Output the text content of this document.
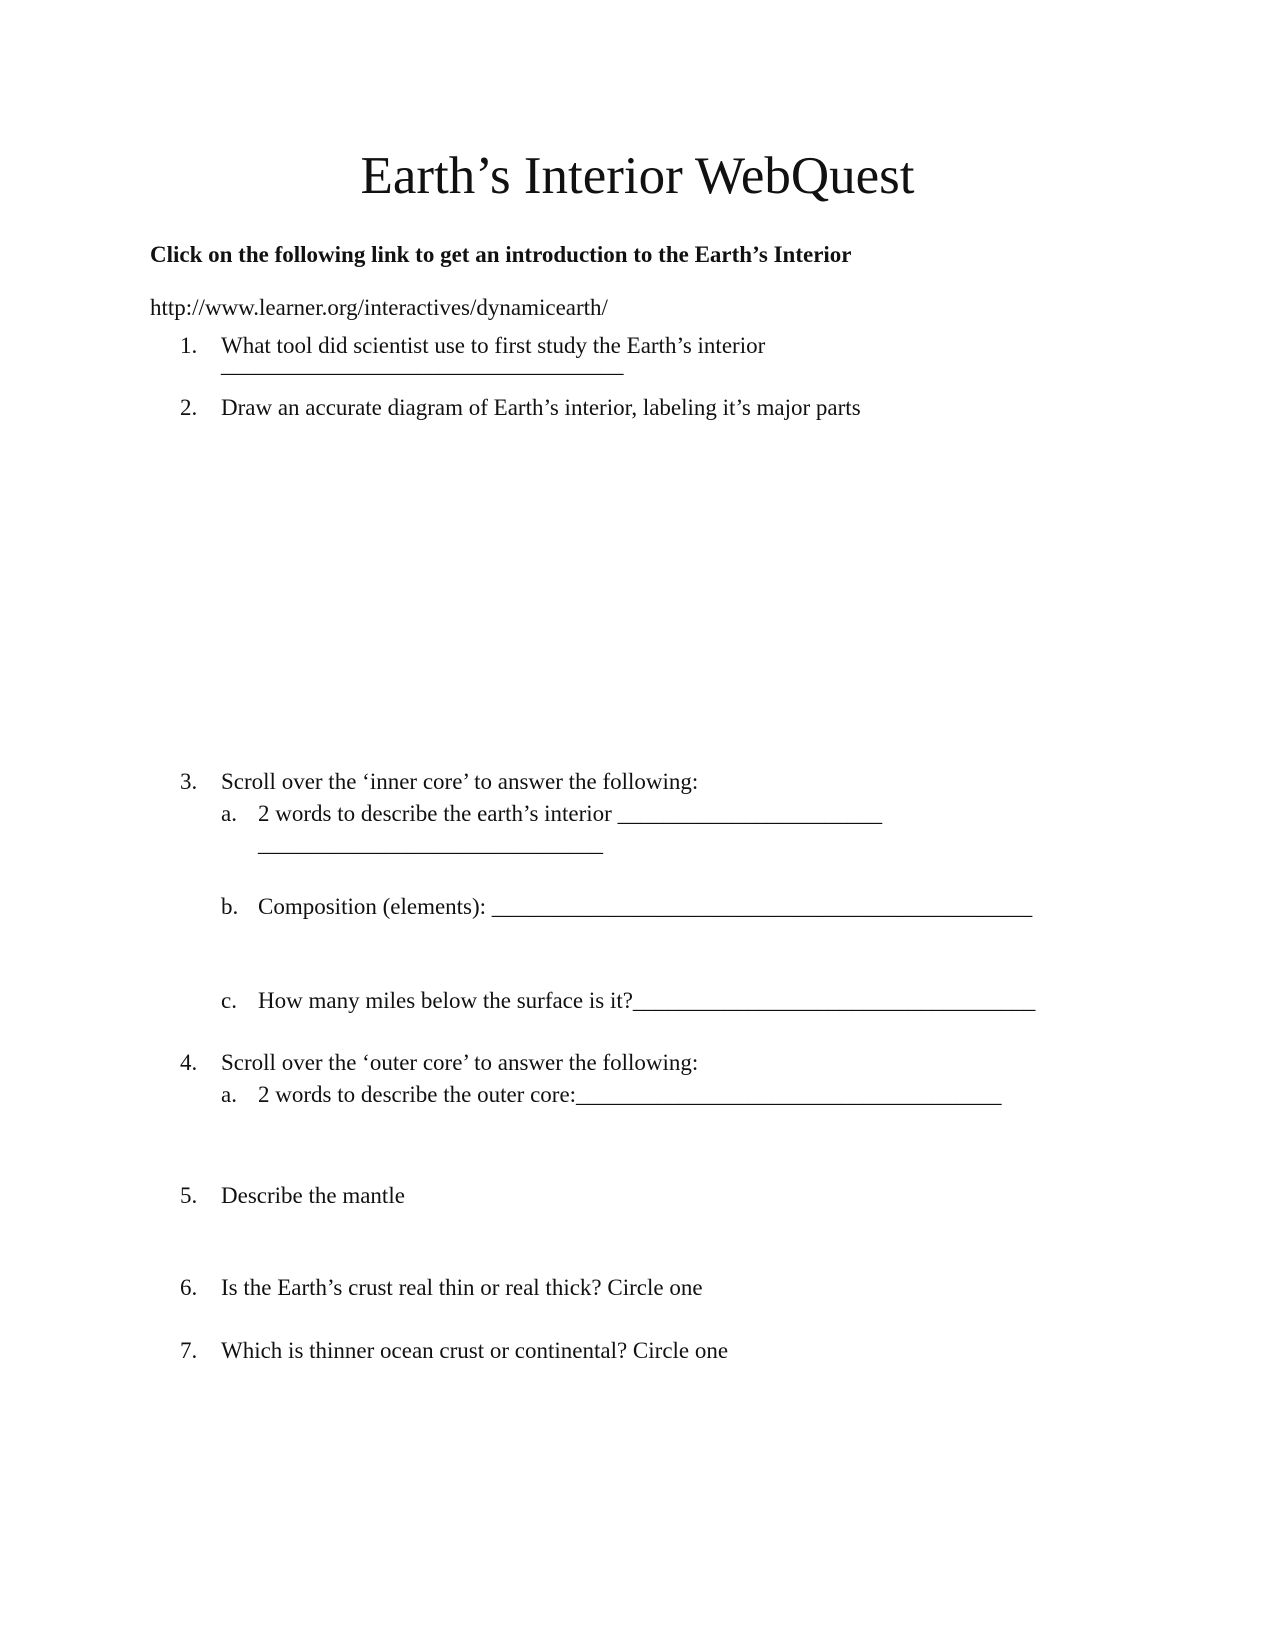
Earth’s Interior WebQuest
Click on the following link to get an introduction to the Earth’s Interior
http://www.learner.org/interactives/dynamicearth/
1. What tool did scientist use to first study the Earth’s interior
___________________________________
2. Draw an accurate diagram of Earth’s interior, labeling it’s major parts
3. Scroll over the ‘inner core’ to answer the following:
a. 2 words to describe the earth’s interior _______________________
______________________________
b. Composition (elements): _______________________________________________
c. How many miles below the surface is it?___________________________________
4. Scroll over the ‘outer core’ to answer the following:
a. 2 words to describe the outer core:_____________________________________
5. Describe the mantle
6. Is the Earth’s crust real thin or real thick? Circle one
7. Which is thinner ocean crust or continental? Circle one
